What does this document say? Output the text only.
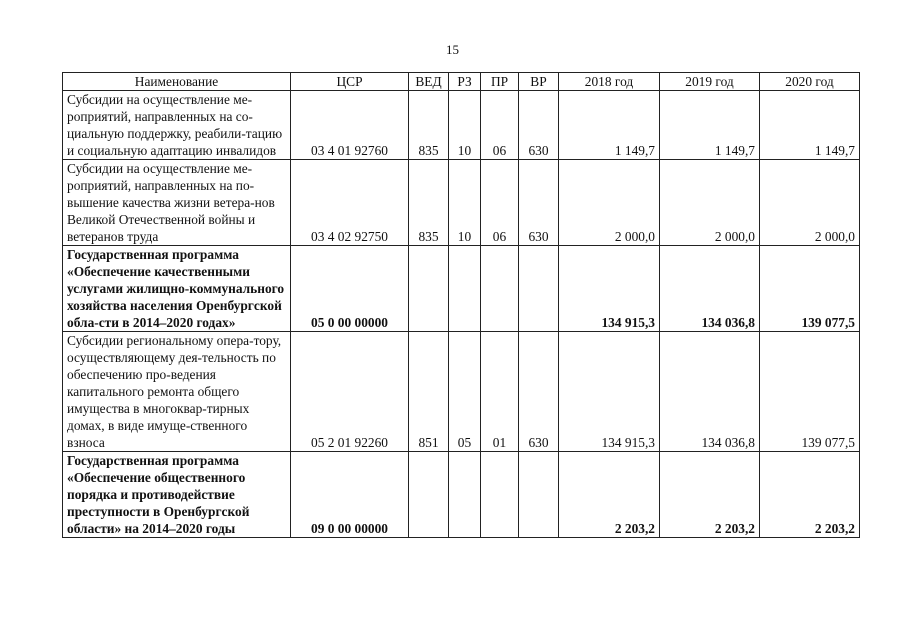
15
Наименование	ЦСР	ВЕД	РЗ	ПР	ВР	2018 год	2019 год	2020 год

Субсидии на осуществление ме-роприятий, направленных на со-циальную поддержку, реабили-тацию и социальную адаптацию инвалидов	03 4 01 92760	835	10	06	630	1 149,7	1 149,7	1 149,7

Субсидии на осуществление ме-роприятий, направленных на по-вышение качества жизни ветера-нов Великой Отечественной войны и ветеранов труда	03 4 02 92750	835	10	06	630	2 000,0	2 000,0	2 000,0

Государственная программа «Обеспечение качественными услугами жилищно-коммунального хозяйства населения Оренбургской обла-сти в 2014–2020 годах»	05 0 00 00000					134 915,3	134 036,8	139 077,5

Субсидии региональному опера-тору, осуществляющему дея-тельность по обеспечению про-ведения капитального ремонта общего имущества в многоквар-тирных домах, в виде имуще-ственного взноса	05 2 01 92260	851	05	01	630	134 915,3	134 036,8	139 077,5

Государственная программа «Обеспечение общественного порядка и противодействие преступности в Оренбургской области» на 2014–2020 годы	09 0 00 00000					2 203,2	2 203,2	2 203,2
